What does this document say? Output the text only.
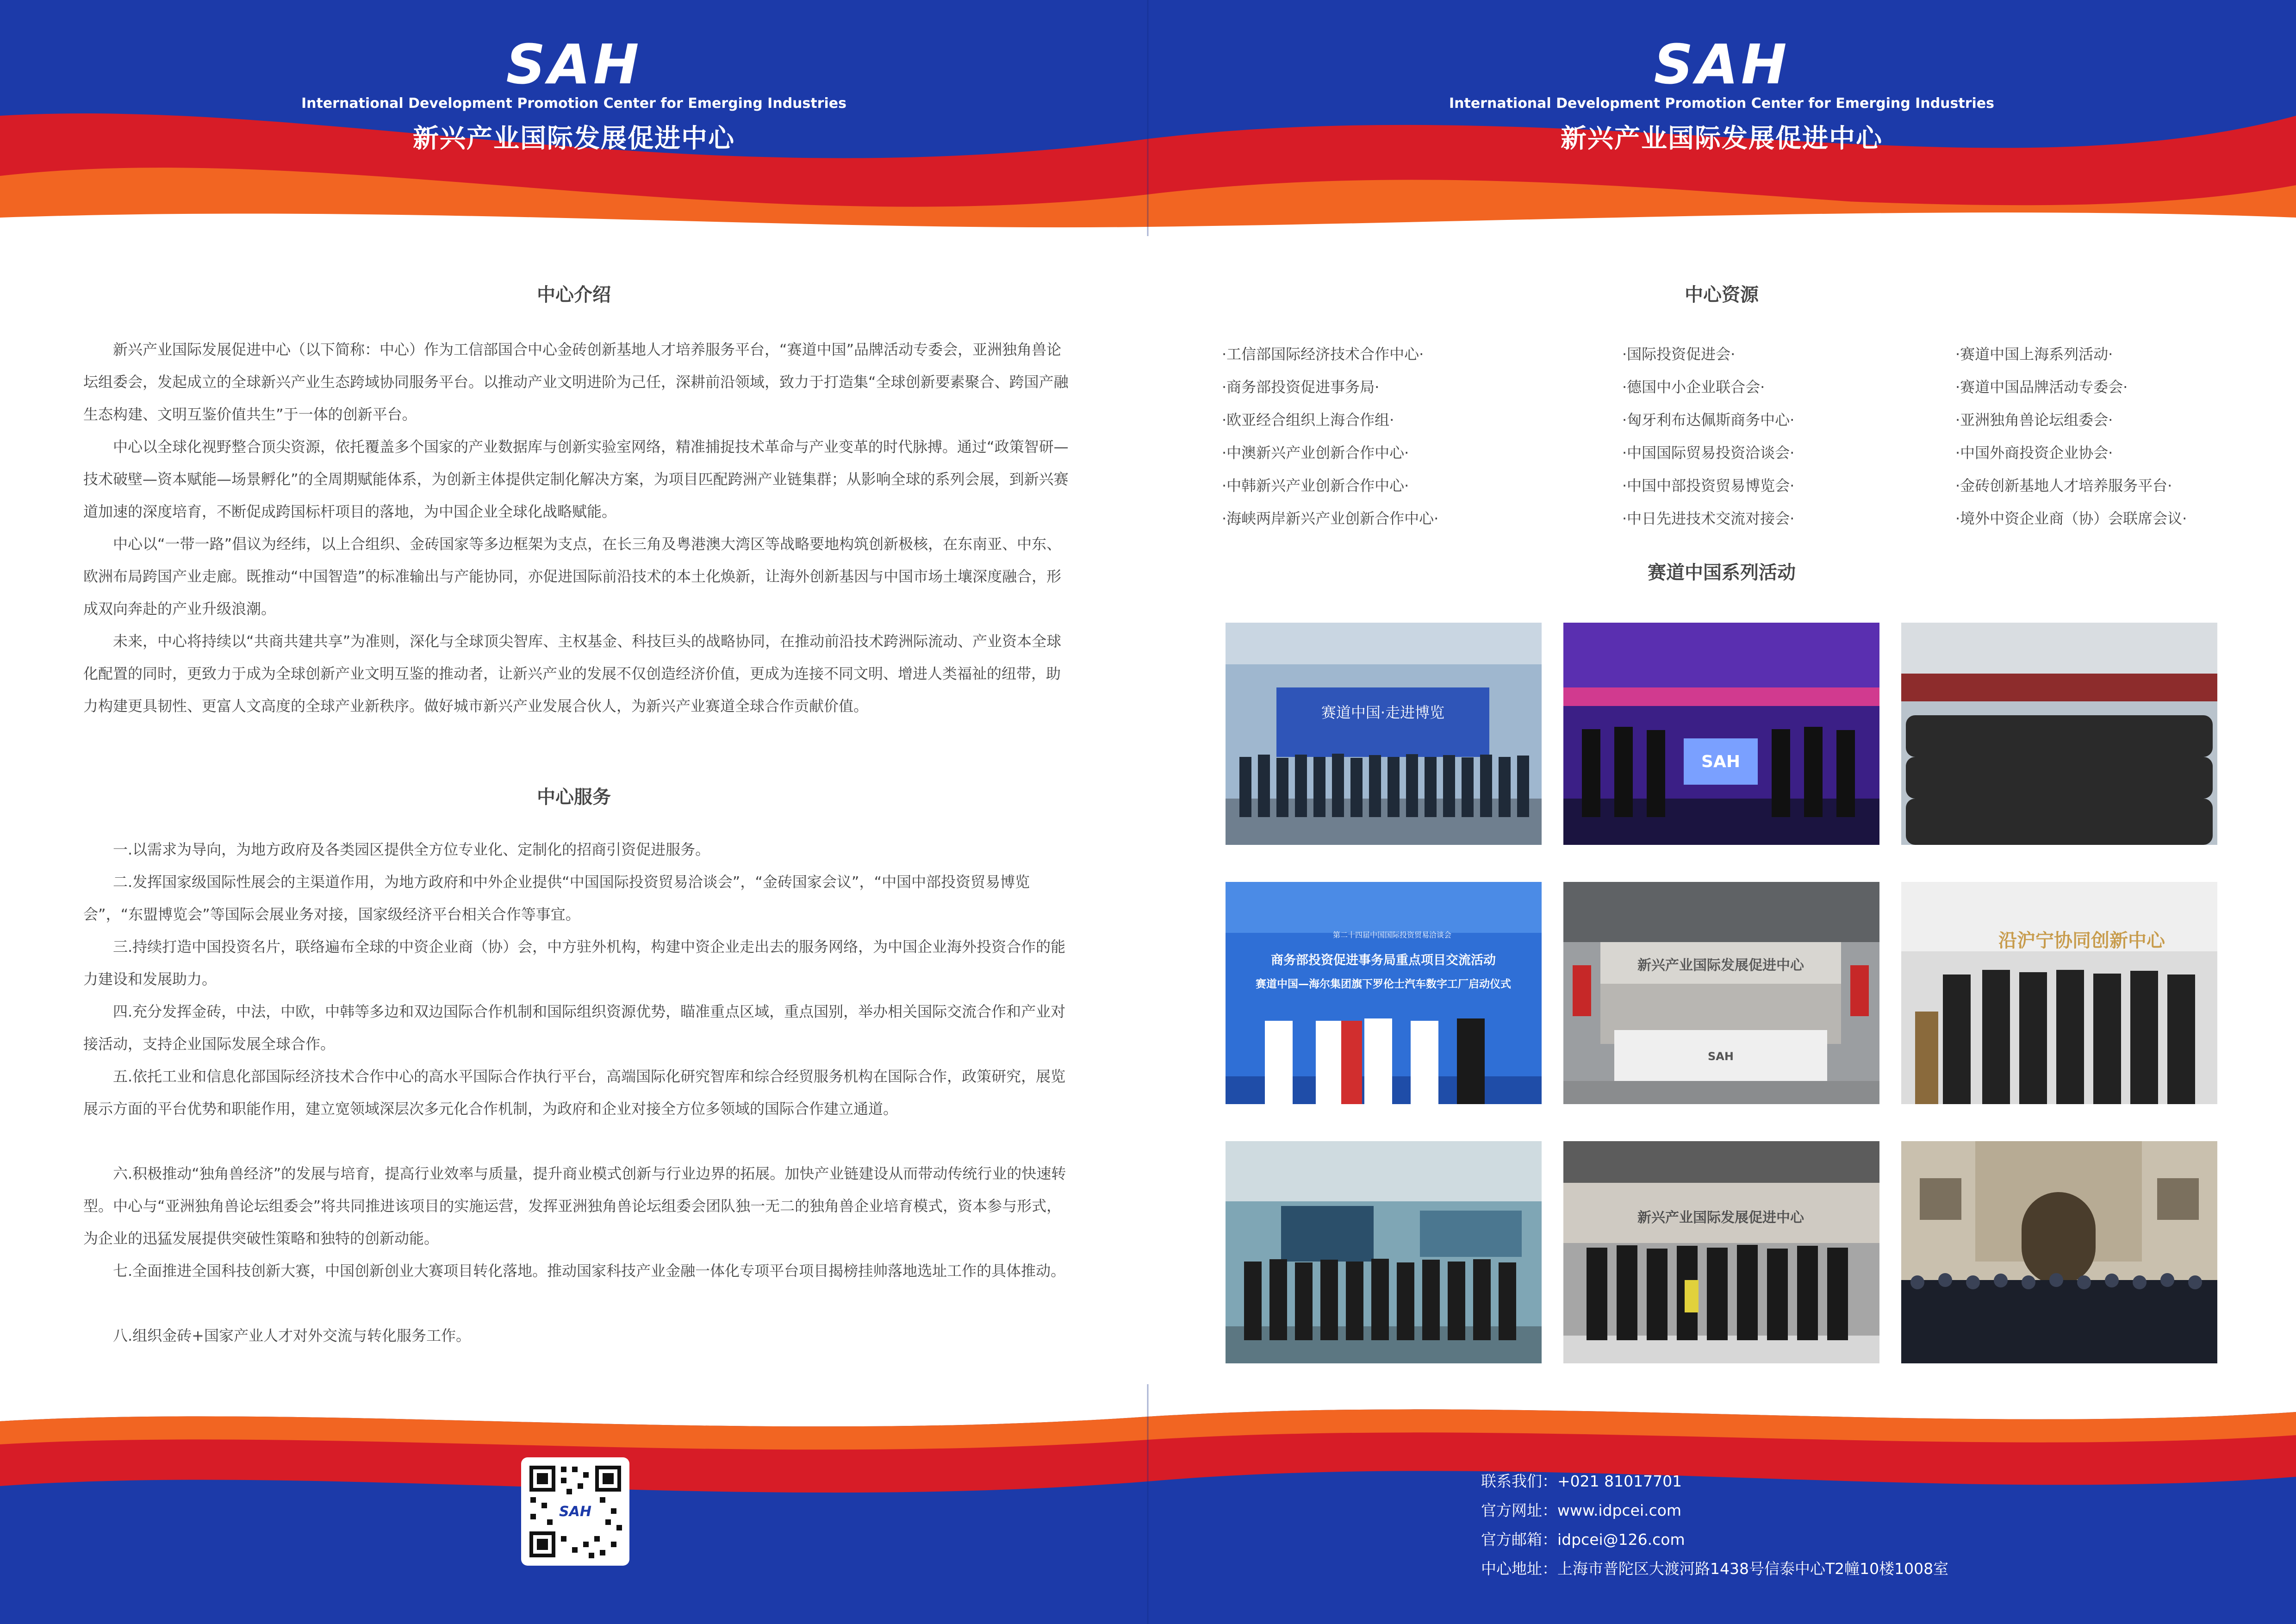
SAH
International Development Promotion Center for Emerging Industries
新兴产业国际发展促进中心
SAH
International Development Promotion Center for Emerging Industries
新兴产业国际发展促进中心
中心介绍

新兴产业国际发展促进中心（以下简称：中心）作为工信部国合中心金砖创新基地人才培养服务平台，“赛道中国”品牌活动专委会，亚洲独角兽论坛组委会，发起成立的全球新兴产业生态跨域协同服务平台。以推动产业文明进阶为己任，深耕前沿领域，致力于打造集“全球创新要素聚合、跨国产融生态构建、文明互鉴价值共生”于一体的创新平台。

中心以全球化视野整合顶尖资源，依托覆盖多个国家的产业数据库与创新实验室网络，精准捕捉技术革命与产业变革的时代脉搏。通过“政策智研—技术破壁—资本赋能—场景孵化”的全周期赋能体系，为创新主体提供定制化解决方案，为项目匹配跨洲产业链集群；从影响全球的系列会展，到新兴赛道加速的深度培育，不断促成跨国标杆项目的落地，为中国企业全球化战略赋能。

中心以“一带一路”倡议为经纬，以上合组织、金砖国家等多边框架为支点，在长三角及粤港澳大湾区等战略要地构筑创新极核，在东南亚、中东、欧洲布局跨国产业走廊。既推动“中国智造”的标准输出与产能协同，亦促进国际前沿技术的本土化焕新，让海外创新基因与中国市场土壤深度融合，形成双向奔赴的产业升级浪潮。

未来，中心将持续以“共商共建共享”为准则，深化与全球顶尖智库、主权基金、科技巨头的战略协同，在推动前沿技术跨洲际流动、产业资本全球化配置的同时，更致力于成为全球创新产业文明互鉴的推动者，让新兴产业的发展不仅创造经济价值，更成为连接不同文明、增进人类福祉的纽带，助力构建更具韧性、更富人文高度的全球产业新秩序。做好城市新兴产业发展合伙人，为新兴产业赛道全球合作贡献价值。

中心服务

一.以需求为导向，为地方政府及各类园区提供全方位专业化、定制化的招商引资促进服务。

二.发挥国家级国际性展会的主渠道作用，为地方政府和中外企业提供“中国国际投资贸易洽谈会”，“金砖国家会议”，“中国中部投资贸易博览会”，“东盟博览会”等国际会展业务对接，国家级经济平台相关合作等事宜。

三.持续打造中国投资名片，联络遍布全球的中资企业商（协）会，中方驻外机构，构建中资企业走出去的服务网络，为中国企业海外投资合作的能力建设和发展助力。

四.充分发挥金砖，中法，中欧，中韩等多边和双边国际合作机制和国际组织资源优势，瞄准重点区域，重点国别，举办相关国际交流合作和产业对接活动，支持企业国际发展全球合作。

五.依托工业和信息化部国际经济技术合作中心的高水平国际合作执行平台，高端国际化研究智库和综合经贸服务机构在国际合作，政策研究，展览展示方面的平台优势和职能作用，建立宽领域深层次多元化合作机制，为政府和企业对接全方位多领域的国际合作建立通道。

六.积极推动“独角兽经济”的发展与培育，提高行业效率与质量，提升商业模式创新与行业边界的拓展。加快产业链建设从而带动传统行业的快速转型。中心与“亚洲独角兽论坛组委会”将共同推进该项目的实施运营，发挥亚洲独角兽论坛组委会团队独一无二的独角兽企业培育模式，资本参与形式，为企业的迅猛发展提供突破性策略和独特的创新动能。

七.全面推进全国科技创新大赛，中国创新创业大赛项目转化落地。推动国家科技产业金融一体化专项平台项目揭榜挂帅落地选址工作的具体推动。

八.组织金砖+国家产业人才对外交流与转化服务工作。

中心资源
·工信部国际经济技术合作中心·
·商务部投资促进事务局·
·欧亚经合组织上海合作组·
·中澳新兴产业创新合作中心·
·中韩新兴产业创新合作中心·
·海峡两岸新兴产业创新合作中心·
·国际投资促进会·
·德国中小企业联合会·
·匈牙利布达佩斯商务中心·
·中国国际贸易投资洽谈会·
·中国中部投资贸易博览会·
·中日先进技术交流对接会·
·赛道中国上海系列活动·
·赛道中国品牌活动专委会·
·亚洲独角兽论坛组委会·
·中国外商投资企业协会·
·金砖创新基地人才培养服务平台·
·境外中资企业商（协）会联席会议·
赛道中国系列活动
赛道中国·走进博览
SAH
第二十四届中国国际投资贸易洽谈会
商务部投资促进事务局重点项目交流活动
赛道中国—海尔集团旗下罗伦士汽车数字工厂启动仪式
新兴产业国际发展促进中心
SAH
沿沪宁协同创新中心
新兴产业国际发展促进中心
SAH
联系我们：+021 81017701
官方网址：www.idpcei.com
官方邮箱：idpcei@126.com
中心地址：上海市普陀区大渡河路1438号信泰中心T2幢10楼1008室
